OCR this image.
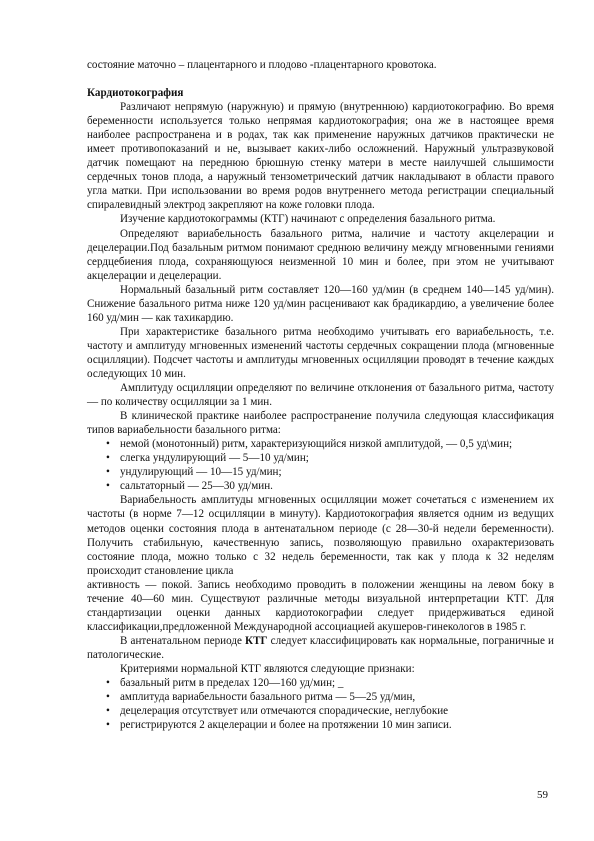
состояние маточно – плацентарного и плодово -плацентарного кровотока.

Кардиотокография

Различают непрямую (наружную) и прямую (внутреннюю) кардиотокографию. Во время беременности используется только непрямая кардиотокография; она же в настоящее время наиболее распространена и в родах, так как применение наружных датчиков практически не имеет противопоказаний и не, вызывает каких-либо осложнений. Наружный ультразвуковой датчик помещают на переднюю брюшную стенку матери в месте наилучшей слышимости сердечных тонов плода, а наружный тензометрический датчик накладывают в области правого угла матки. При использовании во время родов внутреннего метода регистрации специальный спиралевидный электрод закрепляют на коже головки плода.

Изучение кардиотокограммы (КТГ) начинают с определения базального ритма.

Определяют вариабельность базального ритма, наличие и частоту акцелерации и децелерации.Под базальным ритмом понимают среднюю величину между мгновенными гениями сердцебиения плода, сохраняющуюся неизменной 10 мин и более, при этом не учитывают акцелерации и децелерации.

Нормальный базальный ритм составляет 120—160 уд/мин (в среднем 140—145 уд/мин). Снижение базального ритма ниже 120 уд/мин расценивают как брадикардию, а увеличение более 160 уд/мин — как тахикардию.

При характеристике базального ритма необходимо учитывать его вариабельность, т.е. частоту и амплитуду мгновенных изменений частоты сердечных сокращении плода (мгновенные осцилляции). Подсчет частоты и амплитуды мгновенных осцилляции проводят в течение каждых оследующих 10 мин.

Амплитуду осцилляции определяют по величине отклонения от базального ритма, частоту — по количеству осцилляции за 1 мин.

В клинической практике наиболее распространение получила следующая классификация типов вариабельности базального ритма:

• немой (монотонный) ритм, характеризующийся низкой амплитудой, — 0,5 уд\мин;

• слегка ундулирующий — 5—10 уд/мин;

• ундулирующий — 10—15 уд/мин;

• сальтаторный — 25—30 уд/мин.

Вариабельность амплитуды мгновенных осцилляции может сочетаться с изменением их частоты (в норме 7—12 осцилляции в минуту). Кардиотокография является одним из ведущих методов оценки состояния плода в антенатальном периоде (с 28—30-й недели беременности). Получить стабильную, качественную запись, позволяющую правильно охарактеризовать состояние плода, можно только с 32 недель беременности, так как у плода к 32 неделям происходит становление цикла

активность — покой. Запись необходимо проводить в положении женщины на левом боку в течение 40—60 мин. Существуют различные методы визуальной интерпретации КТГ. Для стандартизации оценки данных кардиотокографии следует придерживаться единой классификации,предложенной Международной ассоциацией акушеров-гинекологов в 1985 г.

В антенатальном периоде КТГ следует классифицировать как нормальные, пограничные и патологические.

Критериями нормальной КТГ являются следующие признаки:

• базальный ритм в пределах 120—160 уд/мин; _

• амплитуда вариабельности базального ритма — 5—25 уд/мин,

• децелерация отсутствует или отмечаются спорадические, неглубокие

• регистрируются 2 акцелерации и более на протяжении 10 мин записи.

59
